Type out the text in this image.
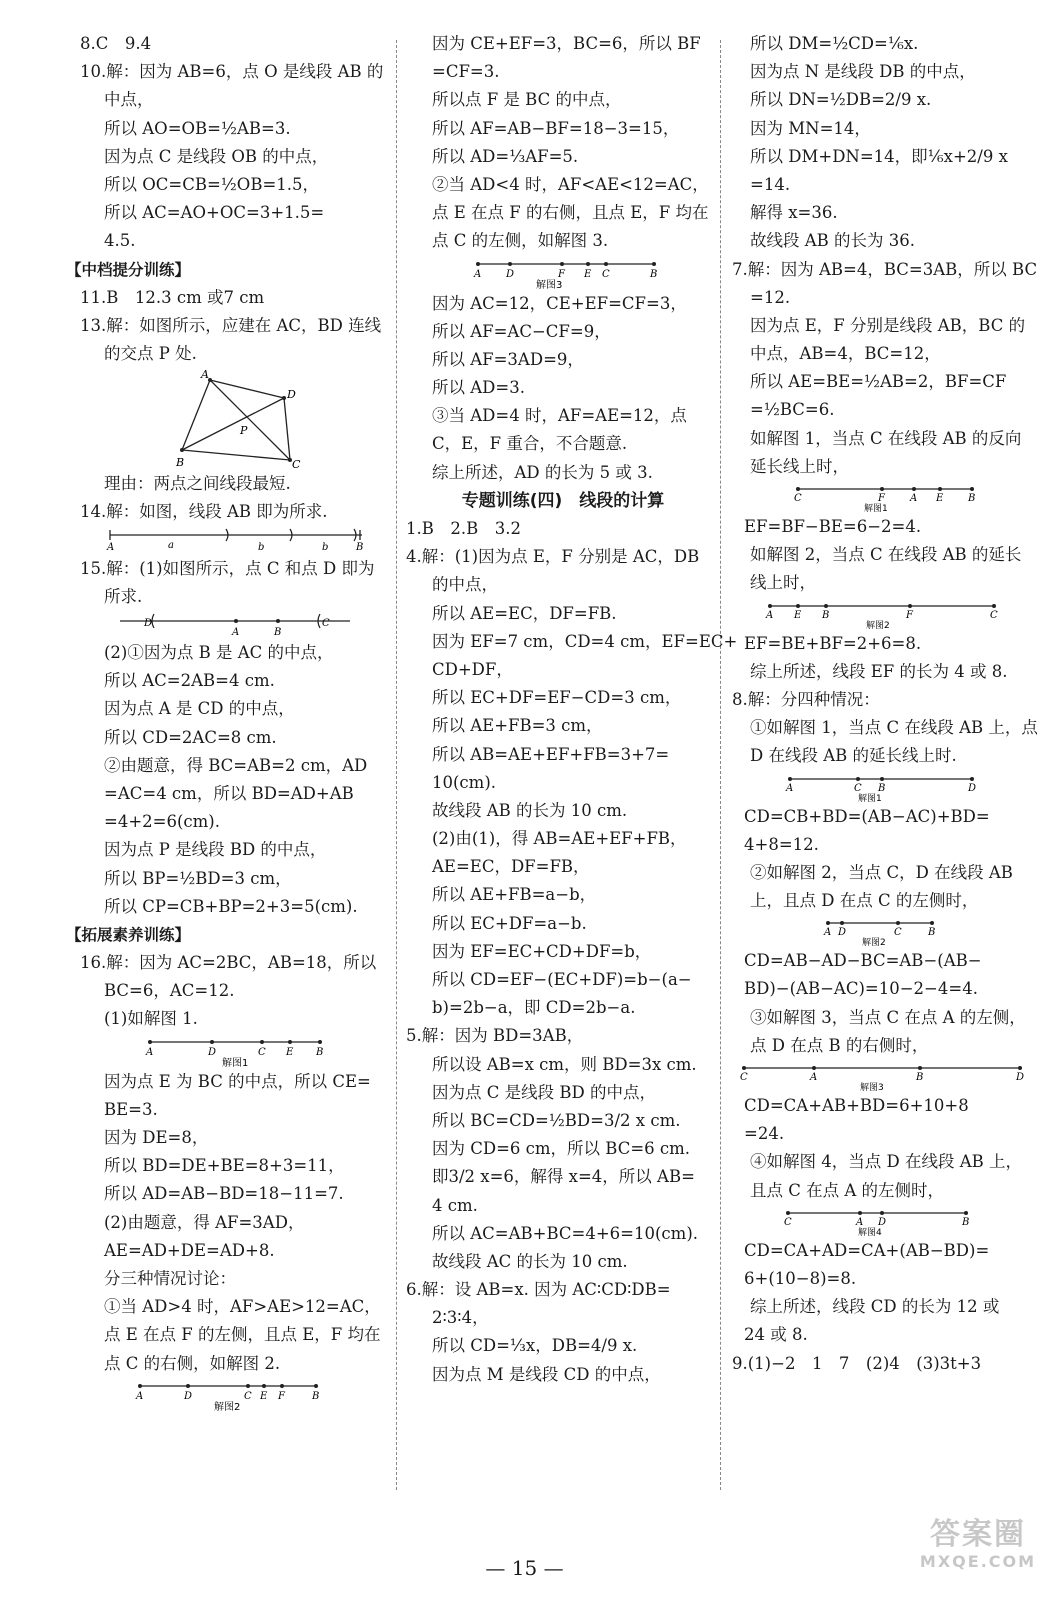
8.C　9.4
10.解：因为 AB=6，点 O 是线段 AB 的
中点，
所以 AO=OB=½AB=3.
因为点 C 是线段 OB 的中点，
所以 OC=CB=½OB=1.5，
所以 AC=AO+OC=3+1.5=
4.5.
【中档提分训练】
11.B　12.3 cm 或7 cm
13.解：如图所示，应建在 AC，BD 连线
的交点 P 处.
A
D
P
B	C
理由：两点之间线段最短.
14.解：如图，线段 AB 即为所求.
A	a	b	b	B
15.解：(1)如图所示，点 C 和点 D 即为
所求.
D
A	B
C
(2)①因为点 B 是 AC 的中点，
所以 AC=2AB=4 cm.
因为点 A 是 CD 的中点，
所以 CD=2AC=8 cm.
②由题意，得 BC=AB=2 cm，AD
=AC=4 cm，所以 BD=AD+AB
=4+2=6(cm).
因为点 P 是线段 BD 的中点，
所以 BP=½BD=3 cm，
所以 CP=CB+BP=2+3=5(cm).
【拓展素养训练】
16.解：因为 AC=2BC，AB=18，所以
BC=6，AC=12.
(1)如解图 1.
A	D	C E B
解图1
因为点 E 为 BC 的中点，所以 CE=
BE=3.
因为 DE=8，
所以 BD=DE+BE=8+3=11，
所以 AD=AB−BD=18−11=7.
(2)由题意，得 AF=3AD，
AE=AD+DE=AD+8.
分三种情况讨论：
①当 AD>4 时，AF>AE>12=AC，
点 E 在点 F 的左侧，且点 E，F 均在
点 C 的右侧，如解图 2.
A	D	C E F	B
解图2
因为 CE+EF=3，BC=6，所以 BF
=CF=3.
所以点 F 是 BC 的中点，
所以 AF=AB−BF=18−3=15，
所以 AD=⅓AF=5.
②当 AD<4 时，AF<AE<12=AC，
点 E 在点 F 的右侧，且点 E，F 均在
点 C 的左侧，如解图 3.
A D	F E C	B
解图3
因为 AC=12，CE+EF=CF=3，
所以 AF=AC−CF=9，
所以 AF=3AD=9，
所以 AD=3.
③当 AD=4 时，AF=AE=12，点
C，E，F 重合，不合题意.
综上所述，AD 的长为 5 或 3.
专题训练(四)　线段的计算
1.B　2.B　3.2
4.解：(1)因为点 E，F 分别是 AC，DB
的中点，
所以 AE=EC，DF=FB.
因为 EF=7 cm，CD=4 cm，EF=EC+
CD+DF，
所以 EC+DF=EF−CD=3 cm，
所以 AE+FB=3 cm，
所以 AB=AE+EF+FB=3+7=
10(cm).
故线段 AB 的长为 10 cm.
(2)由(1)，得 AB=AE+EF+FB，
AE=EC，DF=FB，
所以 AE+FB=a−b，
所以 EC+DF=a−b.
因为 EF=EC+CD+DF=b，
所以 CD=EF−(EC+DF)=b−(a−
b)=2b−a，即 CD=2b−a.
5.解：因为 BD=3AB，
所以设 AB=x cm，则 BD=3x cm.
因为点 C 是线段 BD 的中点，
所以 BC=CD=½BD=3/2 x cm.
因为 CD=6 cm，所以 BC=6 cm.
即3/2 x=6，解得 x=4，所以 AB=
4 cm.
所以 AC=AB+BC=4+6=10(cm).
故线段 AC 的长为 10 cm.
6.解：设 AB=x. 因为 AC∶CD∶DB=
2∶3∶4，
所以 CD=⅓x，DB=4/9 x.
因为点 M 是线段 CD 的中点，
所以 DM=½CD=⅙x.
因为点 N 是线段 DB 的中点，
所以 DN=½DB=2/9 x.
因为 MN=14，
所以 DM+DN=14，即⅙x+2/9 x
=14.
解得 x=36.
故线段 AB 的长为 36.
7.解：因为 AB=4，BC=3AB，所以 BC
=12.
因为点 E，F 分别是线段 AB，BC 的
中点，AB=4，BC=12，
所以 AE=BE=½AB=2，BF=CF
=½BC=6.
如解图 1，当点 C 在线段 AB 的反向
延长线上时，
C	F	A E B
解图1
EF=BF−BE=6−2=4.
如解图 2，当点 C 在线段 AB 的延长
线上时，
A E B	F	C
解图2
EF=BE+BF=2+6=8.
综上所述，线段 EF 的长为 4 或 8.
8.解：分四种情况：
①如解图 1，当点 C 在线段 AB 上，点
D 在线段 AB 的延长线上时.
A	C B	D
解图1
CD=CB+BD=(AB−AC)+BD=
4+8=12.
②如解图 2，当点 C，D 在线段 AB
上，且点 D 在点 C 的左侧时，
A D	C	B
解图2
CD=AB−AD−BC=AB−(AB−
BD)−(AB−AC)=10−2−4=4.
③如解图 3，当点 C 在点 A 的左侧，
点 D 在点 B 的右侧时，
C	A	B	D
解图3
CD=CA+AB+BD=6+10+8
=24.
④如解图 4，当点 D 在线段 AB 上，
且点 C 在点 A 的左侧时，
C	A D	B
解图4
CD=CA+AD=CA+(AB−BD)=
6+(10−8)=8.
综上所述，线段 CD 的长为 12 或
24 或 8.
9.(1)−2　1　7　(2)4　(3)3t+3
— 15 —
答案圈
MXQE.COM
